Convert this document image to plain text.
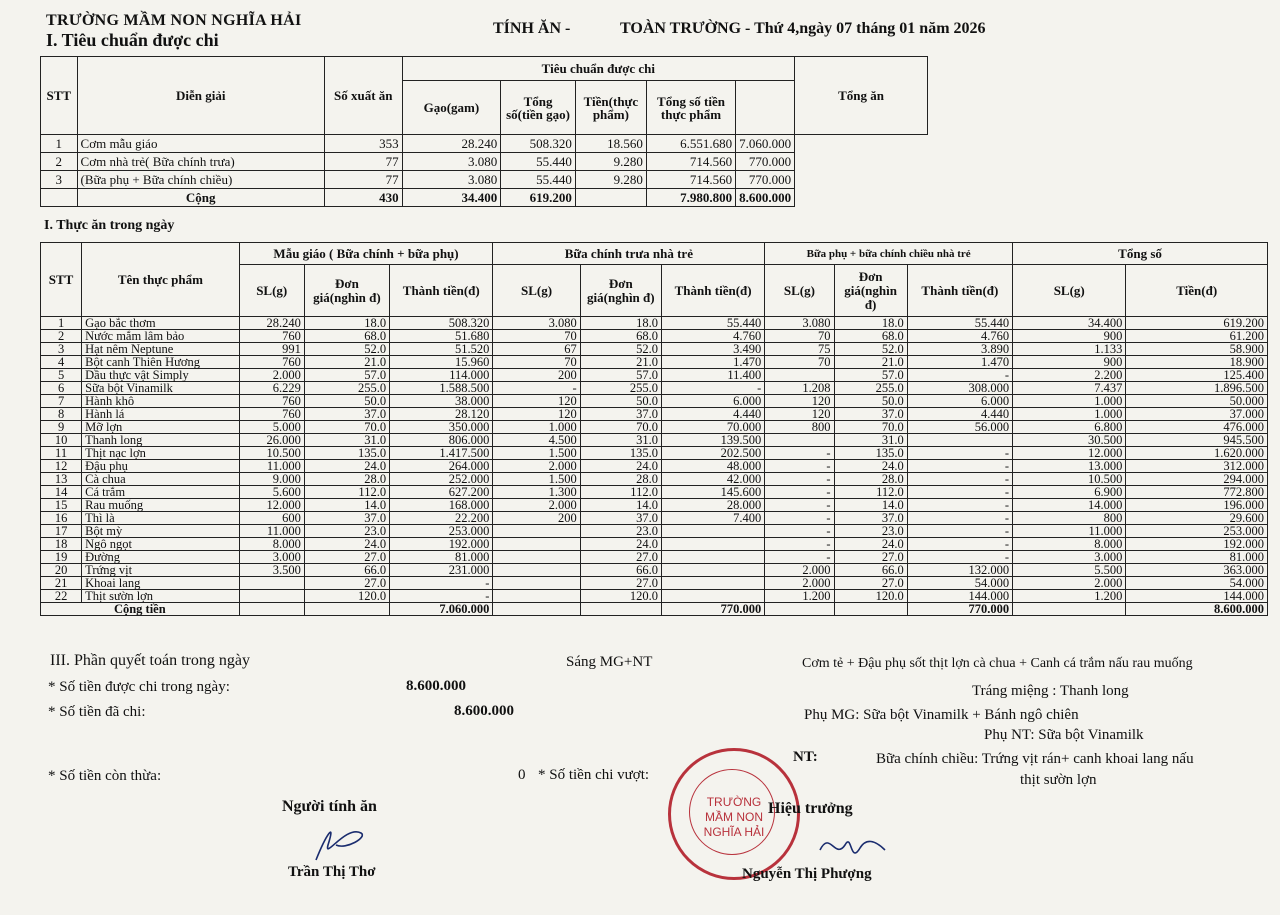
TRƯỜNG MẦM NON NGHĨA HẢI
I. Tiêu chuẩn được chi
TÍNH ĂN -	TOÀN TRƯỜNG - Thứ 4,ngày 07 tháng 01 năm 2026
STT	Diễn giải	Số xuất ăn	Tiêu chuẩn được chi					Tổng ăn
			Gạo(gam)	Tổng số(tiền gạo)	Tiền(thực phẩm)	Tổng số tiền thực phẩm		
1	Cơm mẫu giáo	353	28.240	508.320	18.560	6.551.680	7.060.000	
2	Cơm nhà trẻ( Bữa chính trưa)	77	3.080	55.440	9.280	714.560	770.000	
3	(Bữa phụ + Bữa chính chiều)	77	3.080	55.440	9.280	714.560	770.000	
	Cộng	430	34.400	619.200		7.980.800	8.600.000	
I. Thực ăn trong ngày
STT	Tên thực phẩm	Mẫu giáo ( Bữa chính + bữa phụ)			Bữa chính trưa nhà trẻ			Bữa phụ + bữa chính chiều nhà trẻ			Tổng số	
		SL(g)	Đơn giá(nghìn đ)	Thành tiền(đ)	SL(g)	Đơn giá(nghìn đ)	Thành tiền(đ)	SL(g)	Đơn giá(nghìn đ)	Thành tiền(đ)	SL(g)	Tiền(đ)
1	Gạo bắc thơm	28.240	18.0	508.320	3.080	18.0	55.440	3.080	18.0	55.440	34.400	619.200
2	Nước mắm lâm bảo	760	68.0	51.680	70	68.0	4.760	70	68.0	4.760	900	61.200
3	Hạt nêm Neptune	991	52.0	51.520	67	52.0	3.490	75	52.0	3.890	1.133	58.900
4	Bột canh Thiên Hương	760	21.0	15.960	70	21.0	1.470	70	21.0	1.470	900	18.900
5	Dầu thực vật Simply	2.000	57.0	114.000	200	57.0	11.400		57.0	-	2.200	125.400
6	Sữa bột Vinamilk	6.229	255.0	1.588.500	-	255.0	-	1.208	255.0	308.000	7.437	1.896.500
7	Hành khô	760	50.0	38.000	120	50.0	6.000	120	50.0	6.000	1.000	50.000
8	Hành lá	760	37.0	28.120	120	37.0	4.440	120	37.0	4.440	1.000	37.000
9	Mỡ lợn	5.000	70.0	350.000	1.000	70.0	70.000	800	70.0	56.000	6.800	476.000
10	Thanh long	26.000	31.0	806.000	4.500	31.0	139.500		31.0		30.500	945.500
11	Thịt nạc lợn	10.500	135.0	1.417.500	1.500	135.0	202.500	-	135.0	-	12.000	1.620.000
12	Đậu phụ	11.000	24.0	264.000	2.000	24.0	48.000	-	24.0	-	13.000	312.000
13	Cà chua	9.000	28.0	252.000	1.500	28.0	42.000	-	28.0	-	10.500	294.000
14	Cá trắm	5.600	112.0	627.200	1.300	112.0	145.600	-	112.0	-	6.900	772.800
15	Rau muống	12.000	14.0	168.000	2.000	14.0	28.000	-	14.0	-	14.000	196.000
16	Thì là	600	37.0	22.200	200	37.0	7.400	-	37.0	-	800	29.600
17	Bột mỳ	11.000	23.0	253.000		23.0		-	23.0	-	11.000	253.000
18	Ngô ngọt	8.000	24.0	192.000		24.0		-	24.0	-	8.000	192.000
19	Đường	3.000	27.0	81.000		27.0		-	27.0	-	3.000	81.000
20	Trứng vịt	3.500	66.0	231.000		66.0		2.000	66.0	132.000	5.500	363.000
21	Khoai lang		27.0	-		27.0		2.000	27.0	54.000	2.000	54.000
22	Thịt sườn lợn		120.0	-		120.0		1.200	120.0	144.000	1.200	144.000
Cộng tiền				7.060.000			770.000			770.000		8.600.000
III. Phần quyết toán trong ngày
* Số tiền được chi trong ngày:	8.600.000
* Số tiền đã chi:	8.600.000
* Số tiền còn thừa:	0 * Số tiền chi vượt:
Sáng MG+NT	Cơm tẻ + Đậu phụ sốt thịt lợn cà chua + Canh cá trắm nấu rau muống
Tráng miệng : Thanh long
Phụ MG: Sữa bột Vinamilk + Bánh ngô chiên
Phụ NT: Sữa bột Vinamilk
NT:	Bữa chính chiều: Trứng vịt rán+ canh khoai lang nấu
thịt sườn lợn
Người tính ăn
Trần Thị Thơ
TRƯỜNG
MẦM NON
NGHĨA HẢI
Hiệu trưởng
Nguyễn Thị Phượng
